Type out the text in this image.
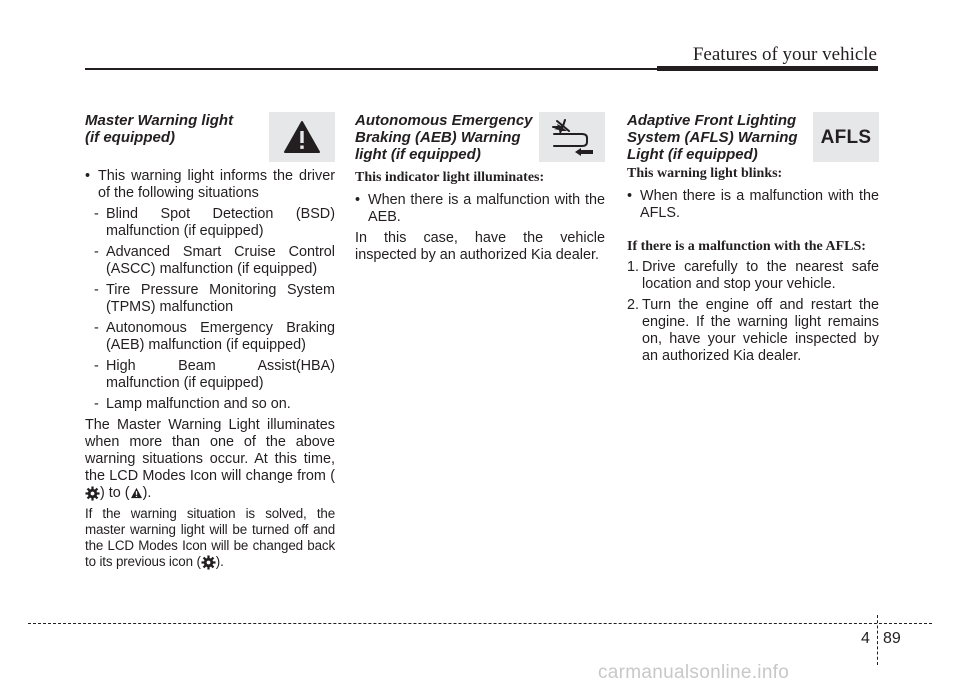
Features of your vehicle
Master Warning light
(if equipped)
• This warning light informs the driver of the following situations
- Blind Spot Detection (BSD) malfunction (if equipped)
- Advanced Smart Cruise Control (ASCC) malfunction (if equipped)
- Tire Pressure Monitoring System (TPMS) malfunction
- Autonomous Emergency Braking (AEB) malfunction (if equipped)
- High Beam Assist(HBA) malfunction (if equipped)
- Lamp malfunction and so on.

The Master Warning Light illuminates when more than one of the above warning situations occur. At this time, the LCD Modes Icon will change from () to ( ).

If the warning situation is solved, the master warning light will be turned off and the LCD Modes Icon will be changed back to its previous icon ( ).

Autonomous Emergency
Braking (AEB) Warning
light (if equipped)

This indicator light illuminates:

• When there is a malfunction with the AEB.

In this case, have the vehicle inspected by an authorized Kia dealer.

Adaptive Front Lighting
System (AFLS) Warning
Light (if equipped)
AFLS

This warning light blinks:

• When there is a malfunction with the AFLS.

If there is a malfunction with the AFLS:

1. Drive carefully to the nearest safe location and stop your vehicle.
2. Turn the engine off and restart the engine. If the warning light remains on, have your vehicle inspected by an authorized Kia dealer.
4 89
carmanualsonline.info
